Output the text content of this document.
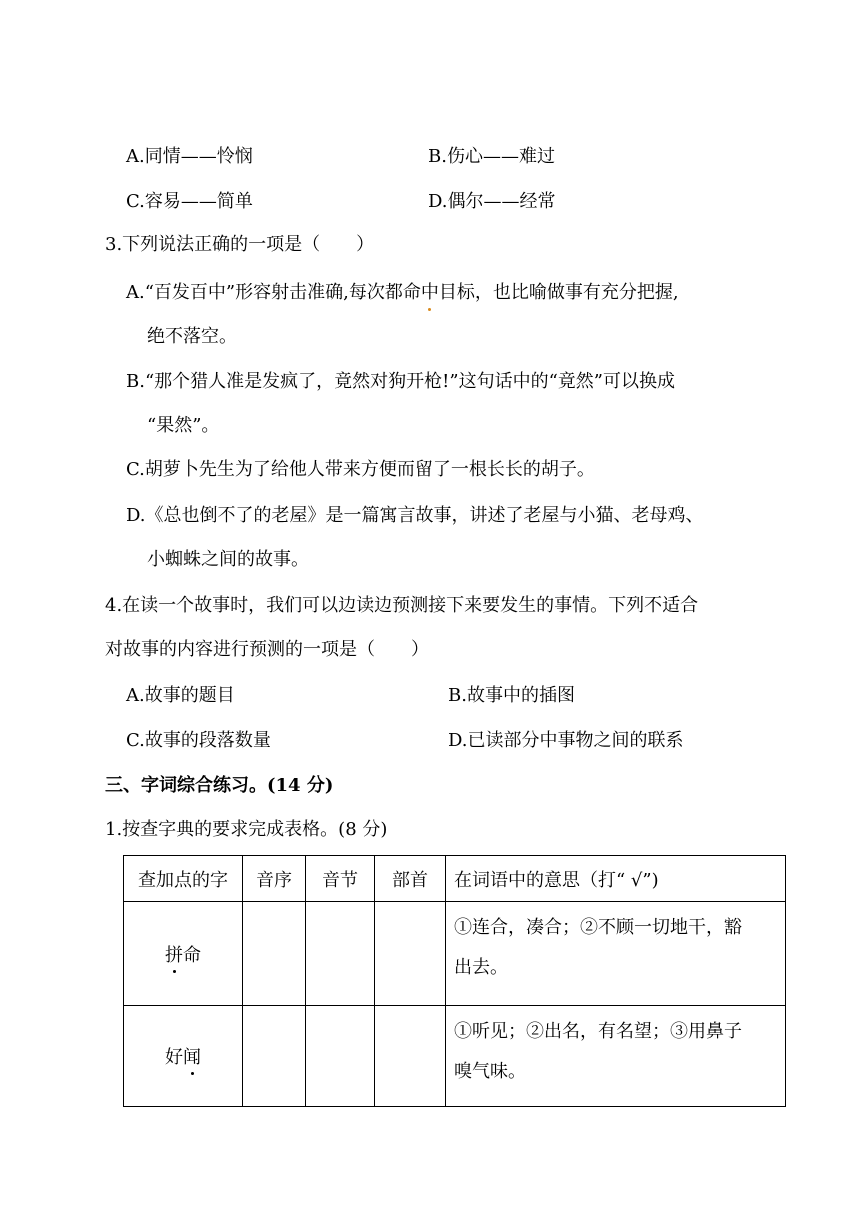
A.同情——怜悯	B.伤心——难过
C.容易——简单	D.偶尔——经常
3.下列说法正确的一项是（　　）
A.“百发百中”形容射击准确,每次都命中目标，也比喻做事有充分把握,
绝不落空。
B.“那个猎人准是发疯了，竟然对狗开枪!”这句话中的“竟然”可以换成
“果然”。
C.胡萝卜先生为了给他人带来方便而留了一根长长的胡子。
D.《总也倒不了的老屋》是一篇寓言故事，讲述了老屋与小猫、老母鸡、
小蜘蛛之间的故事。
4.在读一个故事时，我们可以边读边预测接下来要发生的事情。下列不适合
对故事的内容进行预测的一项是（　　）
A.故事的题目	B.故事中的插图
C.故事的段落数量	D.已读部分中事物之间的联系
三、字词综合练习。(14 分)
1.按查字典的要求完成表格。(8 分)
查加点的字	音序	音节	部首	在词语中的意思（打“ √”)
拼命				①连合，凑合；②不顾一切地干，豁
出去。

好闻				①听见；②出名，有名望；③用鼻子
嗅气味。
